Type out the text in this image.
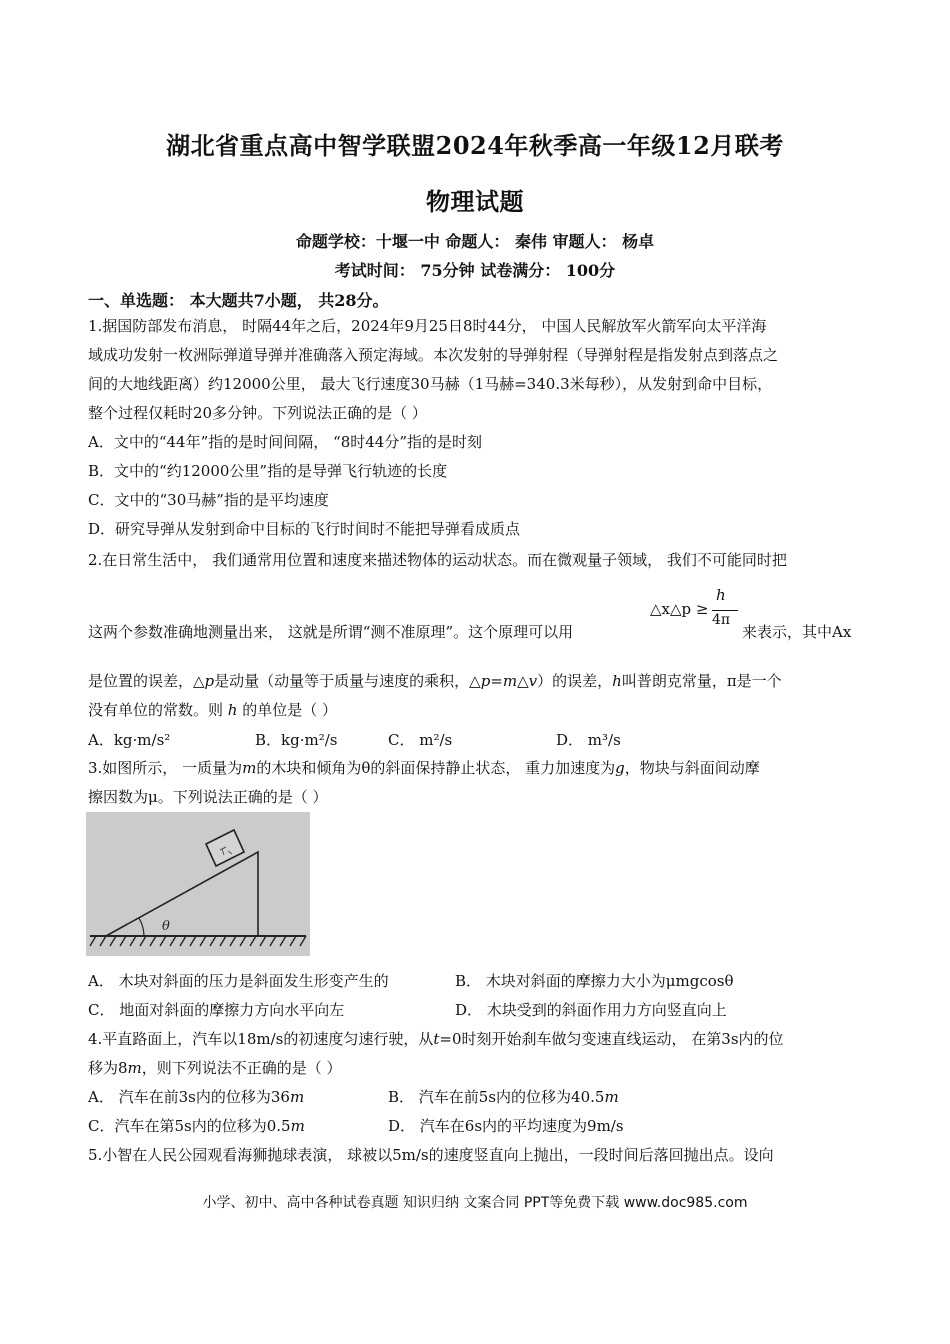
湖北省重点高中智学联盟2024年秋季高一年级12月联考
物理试题
命题学校：十堰一中 命题人： 秦伟 审题人： 杨卓
考试时间： 75分钟 试卷满分： 100分
一、单选题： 本大题共7小题， 共28分。
1.据国防部发布消息， 时隔44年之后，2024年9月25日8时44分， 中国人民解放军火箭军向太平洋海
域成功发射一枚洲际弹道导弹并准确落入预定海域。本次发射的导弹射程（导弹射程是指发射点到落点之
间的大地线距离）约12000公里， 最大飞行速度30马赫（1马赫=340.3米每秒），从发射到命中目标，
整个过程仅耗时20多分钟。下列说法正确的是（ ）
A．文中的“44年”指的是时间间隔， “8时44分”指的是时刻
B．文中的“约12000公里”指的是导弹飞行轨迹的长度
C．文中的“30马赫”指的是平均速度
D．研究导弹从发射到命中目标的飞行时间时不能把导弹看成质点
2.在日常生活中， 我们通常用位置和速度来描述物体的运动状态。而在微观量子领域， 我们不可能同时把
这两个参数准确地测量出来， 这就是所谓“测不准原理”。这个原理可以用
△x△p ≥
h
4π
来表示，其中Ax
是位置的误差，△p是动量（动量等于质量与速度的乘积，△p=m△v）的误差，h叫普朗克常量，π是一个
没有单位的常数。则 h 的单位是（ ）
A．kg·m/s²	B．kg·m²/s	C． m²/s	D． m³/s
3.如图所示， 一质量为m的木块和倾角为θ的斜面保持静止状态， 重力加速度为g，物块与斜面间动摩
擦因数为μ。下列说法正确的是（ ）
θ
A． 木块对斜面的压力是斜面发生形变产生的	B． 木块对斜面的摩擦力大小为μmgcosθ
C． 地面对斜面的摩擦力方向水平向左	D． 木块受到的斜面作用力方向竖直向上
4.平直路面上，汽车以18m/s的初速度匀速行驶，从t=0时刻开始刹车做匀变速直线运动， 在第3s内的位
移为8m，则下列说法不正确的是（ ）
A． 汽车在前3s内的位移为36m	B． 汽车在前5s内的位移为40.5m
C．汽车在第5s内的位移为0.5m	D． 汽车在6s内的平均速度为9m/s
5.小智在人民公园观看海狮抛球表演， 球被以5m/s的速度竖直向上抛出，一段时间后落回抛出点。设向
小学、初中、高中各种试卷真题 知识归纳 文案合同 PPT等免费下载 www.doc985.com
